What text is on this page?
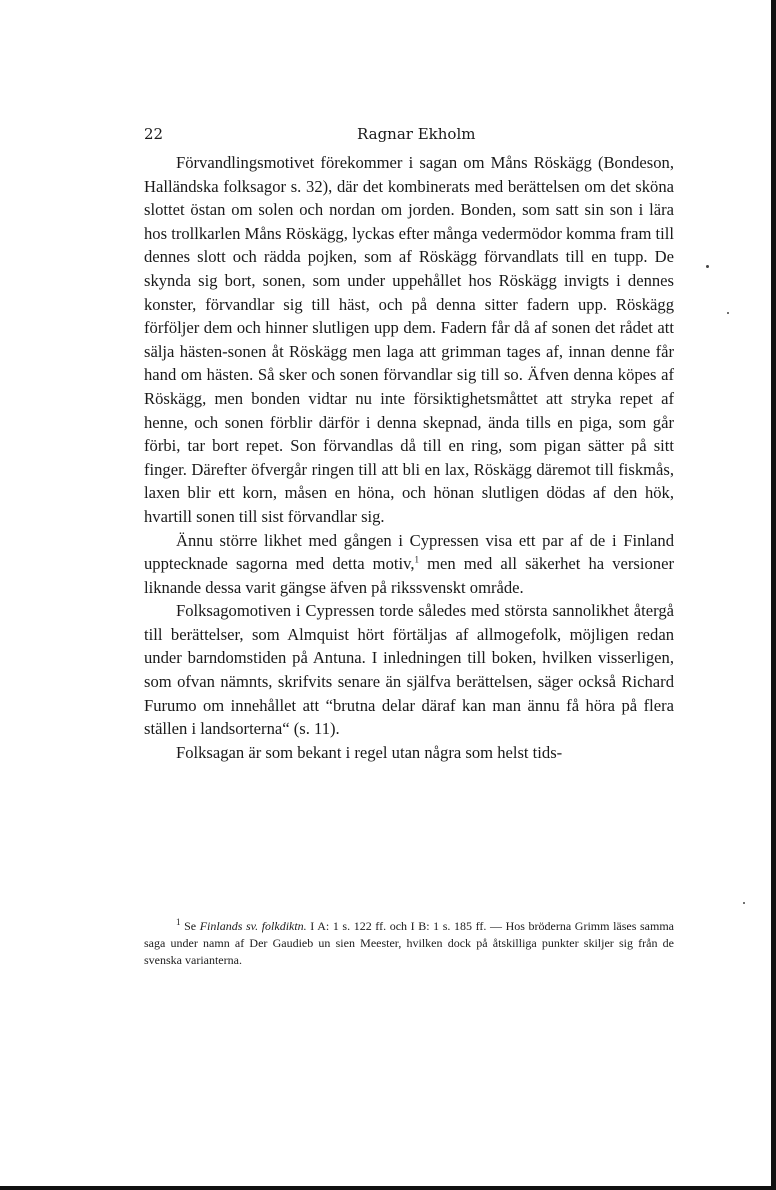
22	Ragnar Ekholm

Förvandlingsmotivet förekommer i sagan om Måns Röskägg (Bondeson, Halländska folksagor s. 32), där det kombinerats med berättelsen om det sköna slottet östan om solen och nordan om jorden. Bonden, som satt sin son i lära hos trollkarlen Måns Röskägg, lyckas efter många vedermödor komma fram till dennes slott och rädda pojken, som af Röskägg förvandlats till en tupp. De skynda sig bort, sonen, som under uppehållet hos Röskägg invigts i dennes konster, förvandlar sig till häst, och på denna sitter fadern upp. Röskägg förföljer dem och hinner slutligen upp dem. Fadern får då af sonen det rådet att sälja hästen-sonen åt Röskägg men laga att grimman tages af, innan denne får hand om hästen. Så sker och sonen förvandlar sig till so. Äfven denna köpes af Röskägg, men bonden vidtar nu inte försiktighetsmåttet att stryka repet af henne, och sonen förblir därför i denna skepnad, ända tills en piga, som går förbi, tar bort repet. Son förvandlas då till en ring, som pigan sätter på sitt finger. Därefter öfvergår ringen till att bli en lax, Röskägg däremot till fiskmås, laxen blir ett korn, måsen en höna, och hönan slutligen dödas af den hök, hvartill sonen till sist förvandlar sig.

Ännu större likhet med gången i Cypressen visa ett par af de i Finland upptecknade sagorna med detta motiv,$^1$ men med all säkerhet ha versioner liknande dessa varit gängse äfven på rikssvenskt område.

Folksagomotiven i Cypressen torde således med största sannolikhet återgå till berättelser, som Almquist hört förtäljas af allmogefolk, möjligen redan under barndomstiden på Antuna. I inledningen till boken, hvilken visserligen, som ofvan nämnts, skrifvits senare än själfva berättelsen, säger också Richard Furumo om innehållet att “brutna delar däraf kan man ännu få höra på flera ställen i landsorterna“ (s. 11).

Folksagan är som bekant i regel utan några som helst tids-

$^1$ Se Finlands sv. folkdiktn. I A: 1 s. 122 ff. och I B: 1 s. 185 ff. — Hos bröderna Grimm läses samma saga under namn af Der Gaudieb un sien Meester, hvilken dock på åtskilliga punkter skiljer sig från de svenska varianterna.
